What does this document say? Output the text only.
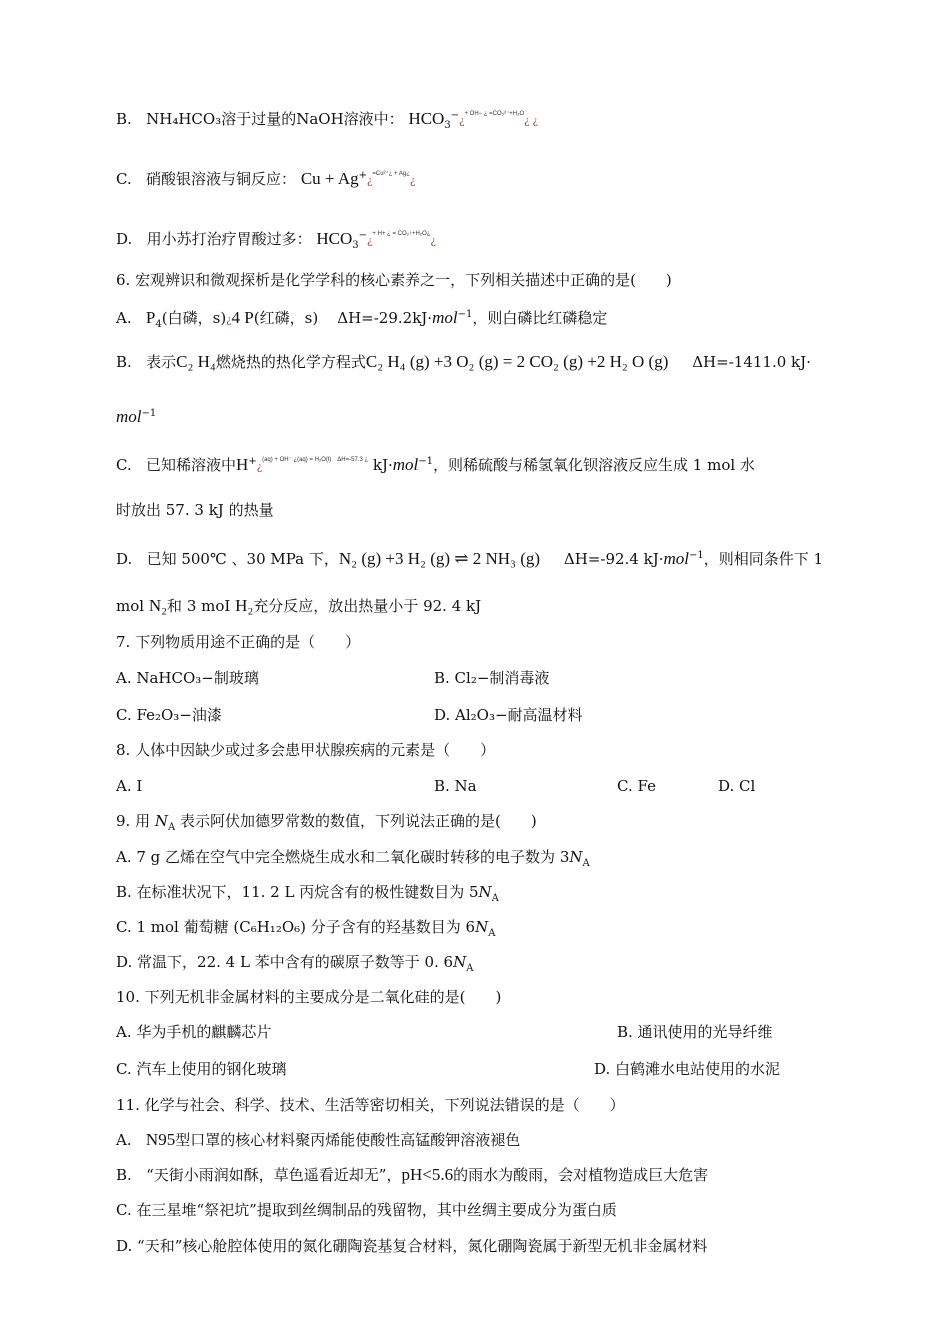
B. NH₄HCO₃溶于过量的NaOH溶液中： $HCO_3^-¿^{+ OH- ¿ =CO_3^{2-}+H_2O}¿$ ¿
C. 硝酸银溶液与铜反应： Cu + Ag+¿$^{=Cu^{2+}¿ + Ag¿}$¿
D. 用小苏打治疗胃酸过多： $HCO_3^-¿^{+ H+ ¿ = CO_2↑+H_2O¿}¿$
6. 宏观辨识和微观探析是化学学科的核心素养之一，下列相关描述中正确的是(　　)
A. $P_4$(白磷，s)¿4 P(红磷，s) ΔH=-29.2kJ·mol$^{-1}$，则白磷比红磷稳定
B. 表示C₂ H₄燃烧热的热化学方程式C₂ H₄ (g) +3 O₂ (g) = 2 CO₂ (g) +2 H₂ O (g) ΔH=-1411.0 kJ·
mol$^{-1}$
C. 已知稀溶液中H+¿$^{(aq) + OH^- ¿(aq) = H_2O(l) \Delta H=-57.3 ¿}$ kJ·mol$^{-1}$，则稀硫酸与稀氢氧化钡溶液反应生成 1 mol 水
时放出 57. 3 kJ 的热量
D. 已知 500℃ 、30 MPa 下，N₂ (g) +3 H₂ (g) ⇌ 2 NH₃ (g) ΔH=-92.4 kJ·mol$^{-1}$，则相同条件下 1
mol N₂和 3 moI H₂充分反应，放出热量小于 92. 4 kJ
7. 下列物质用途不正确的是（　　）
A. NaHCO₃−制玻璃	B. Cl₂−制消毒液
C. Fe₂O₃−油漆	D. Al₂O₃−耐高温材料
8. 人体中因缺少或过多会患甲状腺疾病的元素是（　　）
A. I	B. Na	C. Fe	D. Cl
9. 用 $N_A$ 表示阿伏加德罗常数的数值，下列说法正确的是(　　)
A. 7 g 乙烯在空气中完全燃烧生成水和二氧化碳时转移的电子数为 $3N_A$
B. 在标准状况下，11. 2 L 丙烷含有的极性键数目为 $5N_A$
C. 1 mol 葡萄糖 (C₆H₁₂O₆) 分子含有的羟基数目为 $6N_A$
D. 常温下，22. 4 L 苯中含有的碳原子数等于 0. $6N_A$
10. 下列无机非金属材料的主要成分是二氧化硅的是(　　)
A. 华为手机的麒麟芯片	B. 通讯使用的光导纤维
C. 汽车上使用的钢化玻璃	D. 白鹤滩水电站使用的水泥
11. 化学与社会、科学、技术、生活等密切相关，下列说法错误的是（　　）
A. N95型口罩的核心材料聚丙烯能使酸性高锰酸钾溶液褪色
B. “天街小雨润如酥，草色遥看近却无”，pH<5.6的雨水为酸雨，会对植物造成巨大危害
C. 在三星堆“祭祀坑”提取到丝绸制品的残留物，其中丝绸主要成分为蛋白质
D. “天和”核心舱腔体使用的氮化硼陶瓷基复合材料，氮化硼陶瓷属于新型无机非金属材料
